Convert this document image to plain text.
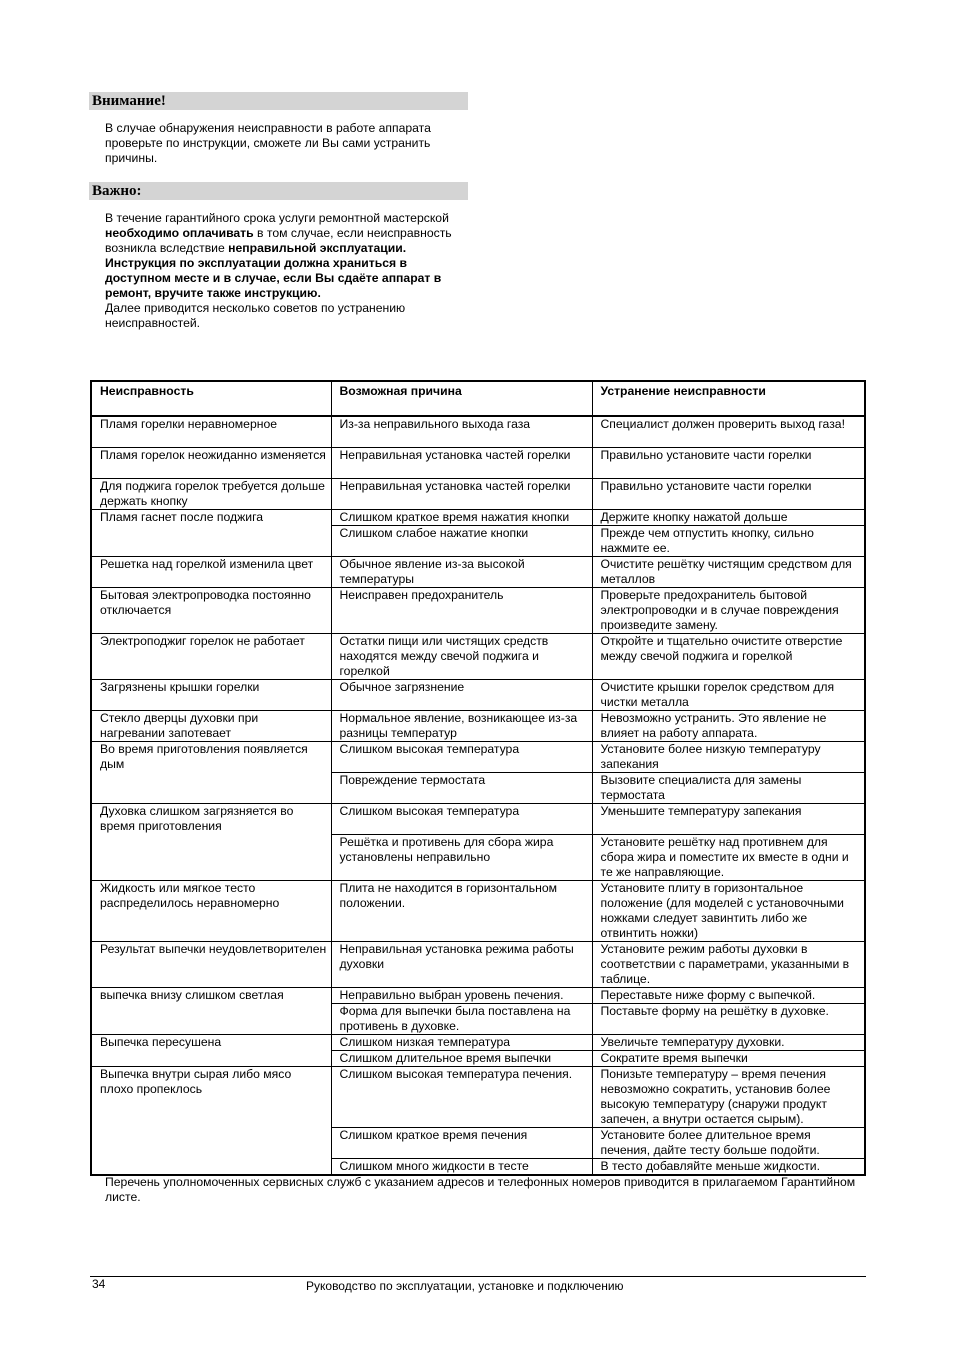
Внимание!

В случае обнаружения неисправности в работе аппарата проверьте по инструкции, сможете ли Вы сами устранить причины.

Важно:

В течение гарантийного срока услуги ремонтной мастерской необходимо оплачивать в том случае, если неисправность возникла вследствие неправильной эксплуатации.

Инструкция по эксплуатации должна храниться в доступном месте и в случае, если Вы сдаёте аппарат в ремонт, вручите также инструкцию.

Далее приводится несколько советов по устранению неисправностей.

Неисправность	Возможная причина	Устранение неисправности
Пламя горелки неравномерное	Из-за неправильного выхода газа	Специалист должен проверить выход газа!
Пламя горелок неожиданно изменяется	Неправильная установка частей горелки	Правильно установите части горелки
Для поджига горелок требуется дольше держать кнопку	Неправильная установка частей горелки	Правильно установите части горелки
Пламя гаснет после поджига	Слишком краткое время нажатия кнопки	Держите кнопку нажатой дольше
	Слишком слабое нажатие кнопки	Прежде чем отпустить кнопку, сильно нажмите ее.
Решетка над горелкой изменила цвет	Обычное явление из-за высокой температуры	Очистите решётку чистящим средством для металлов
Бытовая электропроводка постоянно отключается	Неисправен предохранитель	Проверьте предохранитель бытовой электропроводки и в случае повреждения произведите замену.
Электроподжиг горелок не работает	Остатки пищи или чистящих средств находятся между свечой поджига и горелкой	Откройте и тщательно очистите отверстие между свечой поджига и горелкой
Загрязнены крышки горелки	Обычное загрязнение	Очистите крышки горелок средством для чистки металла
Стекло дверцы духовки при нагревании запотевает	Нормальное явление, возникающее из-за разницы температур	Невозможно устранить. Это явление не влияет на работу аппарата.
Во время приготовления появляется дым	Слишком высокая температура	Установите более низкую температуру запекания
	Повреждение термостата	Вызовите специалиста для замены термостата
Духовка слишком загрязняется во время приготовления	Слишком высокая температура	Уменьшите температуру запекания
	Решётка и противень для сбора жира установлены неправильно	Установите решётку над противнем для сбора жира и поместите их вместе в одни и те же направляющие.
Жидкость или мягкое тесто распределилось неравномерно	Плита не находится в горизонтальном положении.	Установите плиту в горизонтальное положение (для моделей с установочными ножками следует завинтить либо же отвинтить ножки)
Результат выпечки неудовлетворителен	Неправильная установка режима работы духовки	Установите режим работы духовки в соответствии с параметрами, указанными в таблице.
выпечка внизу слишком светлая	Неправильно выбран уровень печения.	Переставьте ниже форму с выпечкой.
	Форма для выпечки была поставлена на противень в духовке.	Поставьте форму на решётку в духовке.
Выпечка пересушена	Слишком низкая температура	Увеличьте температуру духовки.
	Слишком длительное время выпечки	Сократите время выпечки
Выпечка внутри сырая либо мясо плохо пропеклось	Слишком высокая температура печения.	Понизьте температуру – время печения невозможно сократить, установив более высокую температуру (снаружи продукт запечен, а внутри остается сырым).
	Слишком краткое время печения	Установите более длительное время печения, дайте тесту больше подойти.
	Слишком много жидкости в тесте	В тесто добавляйте меньше жидкости.
Перечень уполномоченных сервисных служб с указанием адресов и телефонных номеров приводится в прилагаемом Гарантийном листе.
34	Руководство по эксплуатации, установке и подключению
